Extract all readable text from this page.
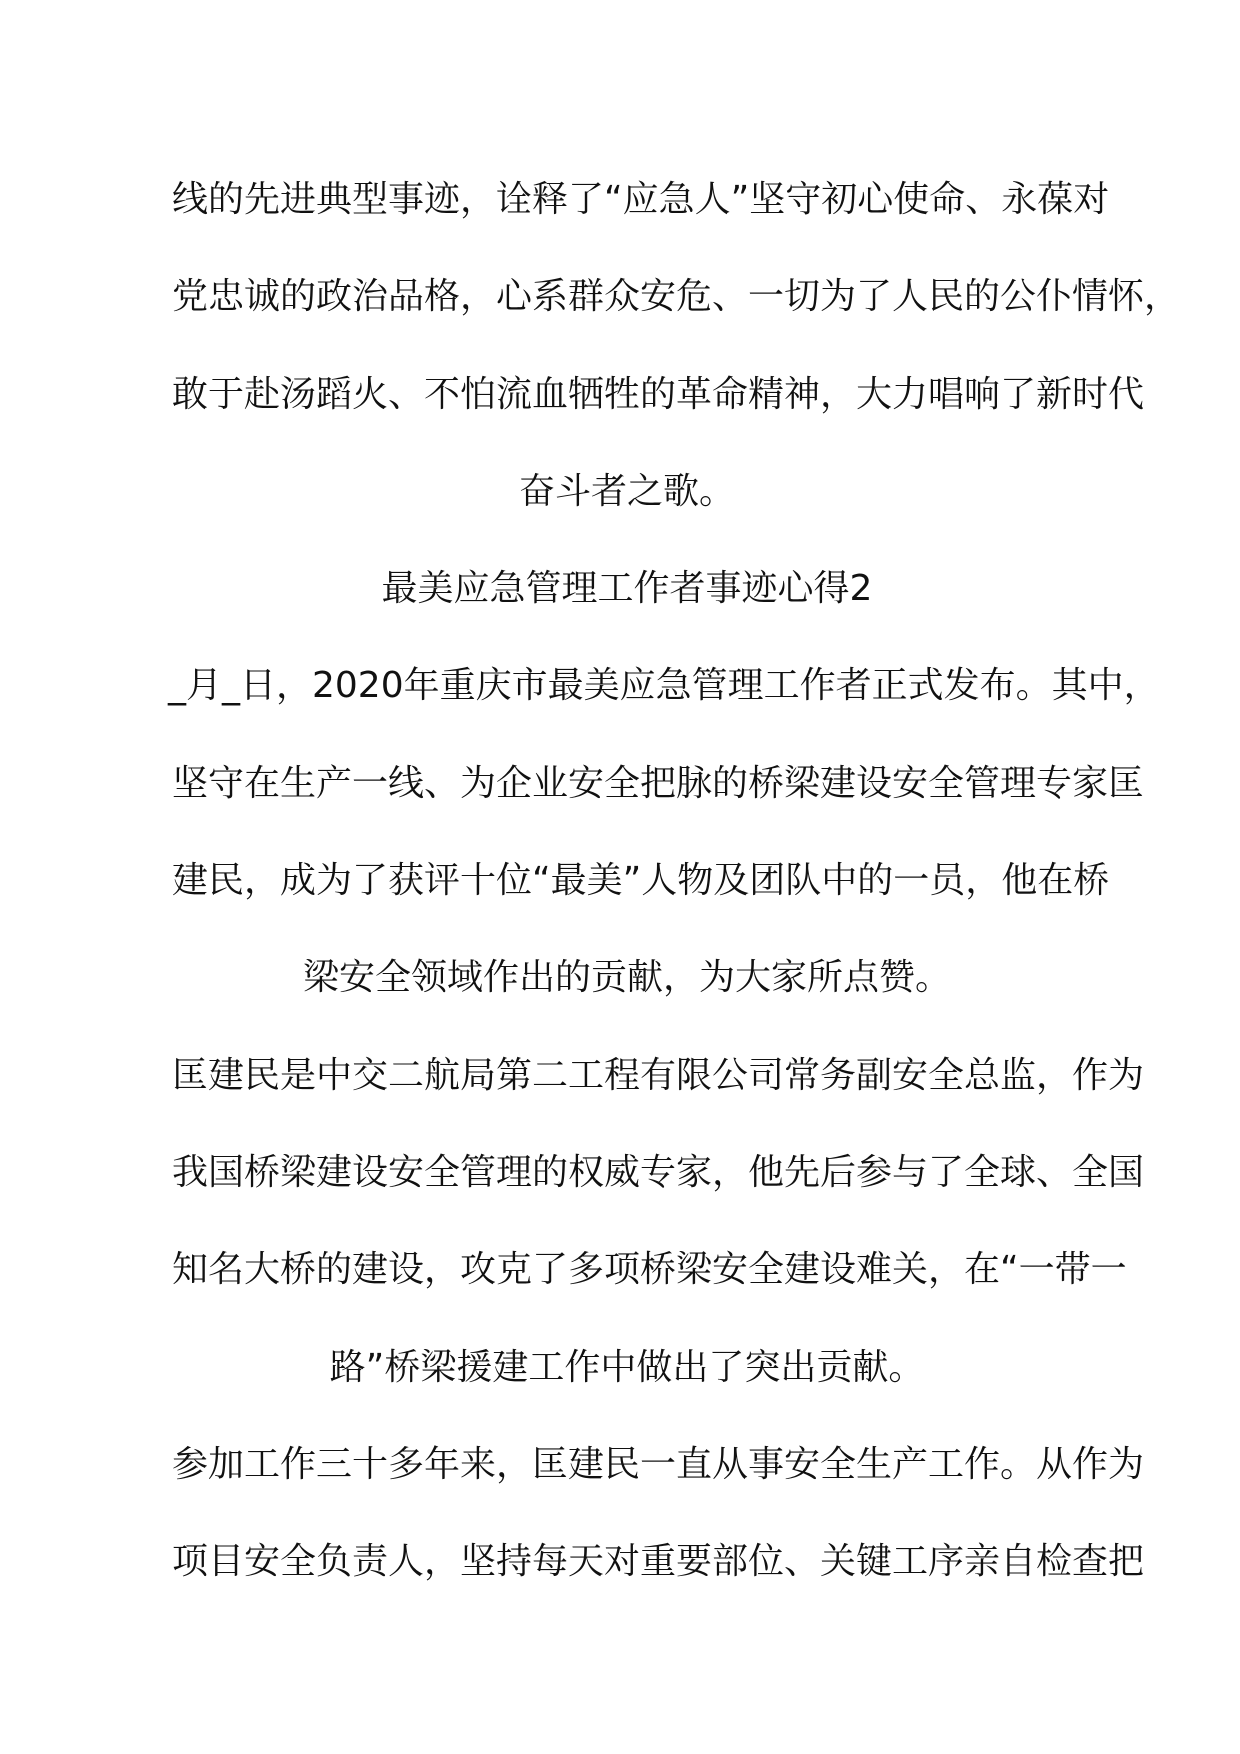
线的先进典型事迹，诠释了“应急人”坚守初心使命、永葆对
党忠诚的政治品格，心系群众安危、一切为了人民的公仆情怀，
敢于赴汤蹈火、不怕流血牺牲的革命精神，大力唱响了新时代
奋斗者之歌。
最美应急管理工作者事迹心得2
_月_日，2020年重庆市最美应急管理工作者正式发布。其中，
坚守在生产一线、为企业安全把脉的桥梁建设安全管理专家匡
建民，成为了获评十位“最美”人物及团队中的一员，他在桥
梁安全领域作出的贡献，为大家所点赞。
匡建民是中交二航局第二工程有限公司常务副安全总监，作为
我国桥梁建设安全管理的权威专家，他先后参与了全球、全国
知名大桥的建设，攻克了多项桥梁安全建设难关，在“一带一
路”桥梁援建工作中做出了突出贡献。
参加工作三十多年来，匡建民一直从事安全生产工作。从作为
项目安全负责人，坚持每天对重要部位、关键工序亲自检查把
